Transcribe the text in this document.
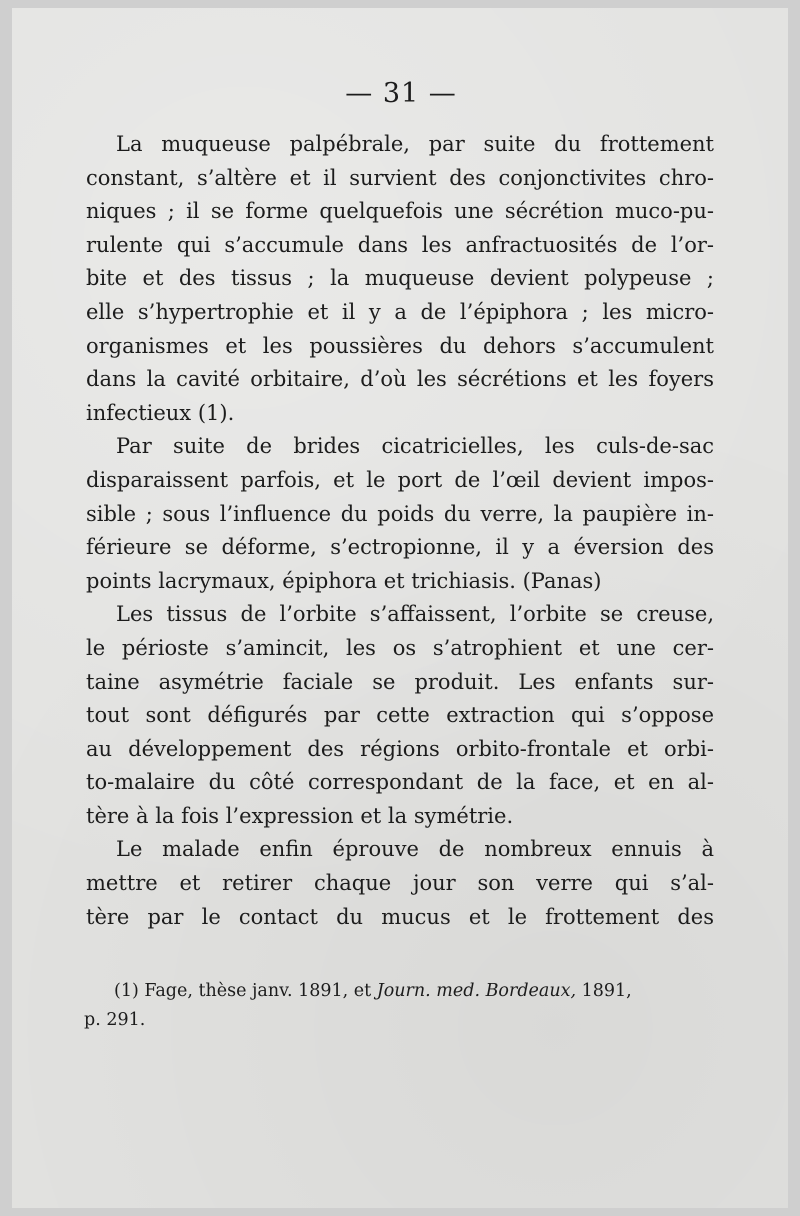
— 31 —
La muqueuse palpébrale, par suite du frottement
constant, s’altère et il survient des conjonctivites chro-
niques ; il se forme quelquefois une sécrétion muco-pu-
rulente qui s’accumule dans les anfractuosités de l’or-
bite et des tissus ; la muqueuse devient polypeuse ;
elle s’hypertrophie et il y a de l’épiphora ; les micro-
organismes et les poussières du dehors s’accumulent
dans la cavité orbitaire, d’où les sécrétions et les foyers
infectieux (1).
Par suite de brides cicatricielles, les culs-de-sac
disparaissent parfois, et le port de l’œil devient impos-
sible ; sous l’influence du poids du verre, la paupière in-
férieure se déforme, s’ectropionne, il y a éversion des
points lacrymaux, épiphora et trichiasis. (Panas)
Les tissus de l’orbite s’affaissent, l’orbite se creuse,
le périoste s’amincit, les os s’atrophient et une cer-
taine asymétrie faciale se produit. Les enfants sur-
tout sont défigurés par cette extraction qui s’oppose
au développement des régions orbito-frontale et orbi-
to-malaire du côté correspondant de la face, et en al-
tère à la fois l’expression et la symétrie.
Le malade enfin éprouve de nombreux ennuis à
mettre et retirer chaque jour son verre qui s’al-
tère par le contact du mucus et le frottement des
(1) Fage, thèse janv. 1891, et Journ. med. Bordeaux, 1891,
p. 291.
